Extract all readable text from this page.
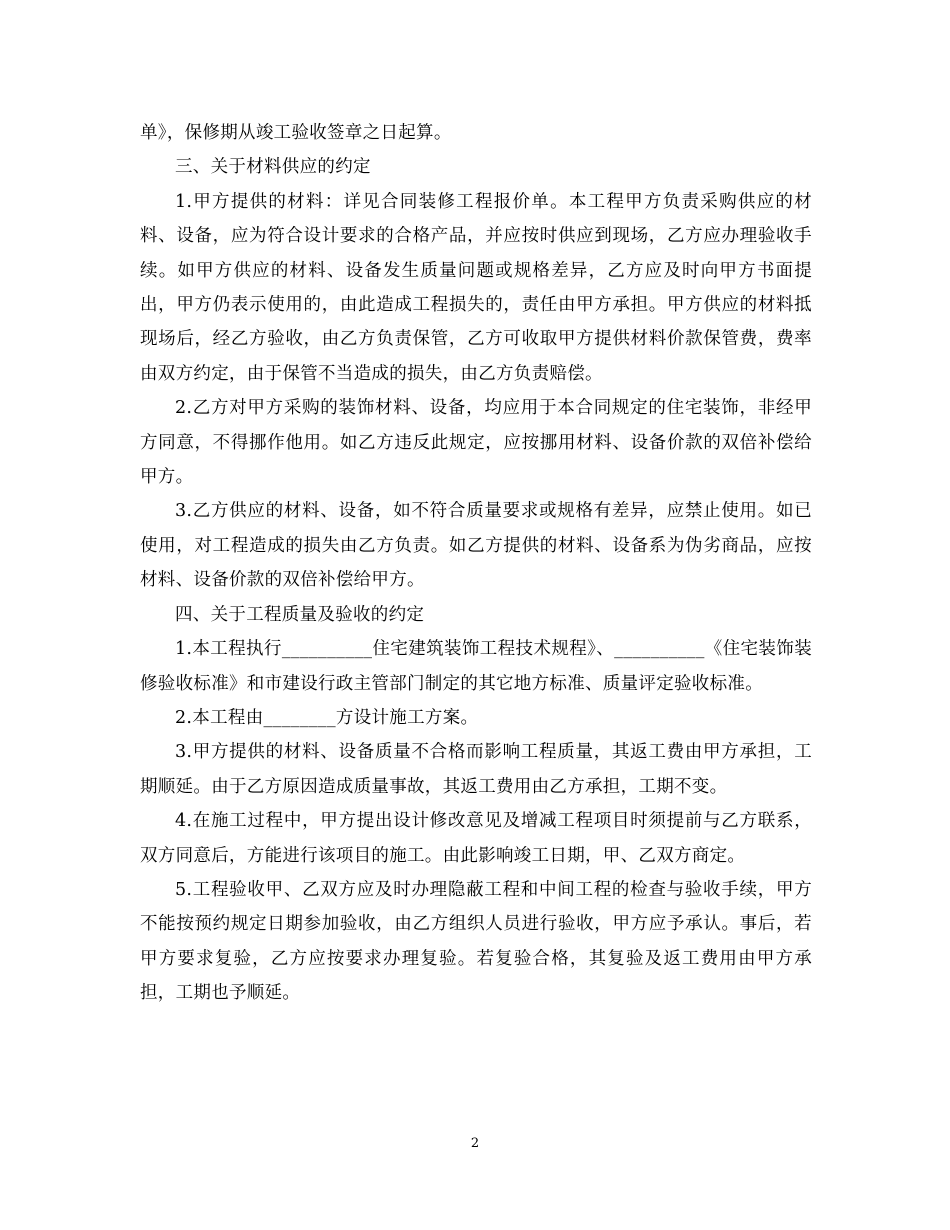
单》，保修期从竣工验收签章之日起算。

三、关于材料供应的约定

1.甲方提供的材料：详见合同装修工程报价单。本工程甲方负责采购供应的材料、设备，应为符合设计要求的合格产品，并应按时供应到现场，乙方应办理验收手续。如甲方供应的材料、设备发生质量问题或规格差异，乙方应及时向甲方书面提出，甲方仍表示使用的，由此造成工程损失的，责任由甲方承担。甲方供应的材料抵现场后，经乙方验收，由乙方负责保管，乙方可收取甲方提供材料价款保管费，费率由双方约定，由于保管不当造成的损失，由乙方负责赔偿。

2.乙方对甲方采购的装饰材料、设备，均应用于本合同规定的住宅装饰，非经甲方同意，不得挪作他用。如乙方违反此规定，应按挪用材料、设备价款的双倍补偿给甲方。

3.乙方供应的材料、设备，如不符合质量要求或规格有差异，应禁止使用。如已使用，对工程造成的损失由乙方负责。如乙方提供的材料、设备系为伪劣商品，应按材料、设备价款的双倍补偿给甲方。

四、关于工程质量及验收的约定

1.本工程执行__________住宅建筑装饰工程技术规程》、__________《住宅装饰装修验收标准》和市建设行政主管部门制定的其它地方标准、质量评定验收标准。

2.本工程由________方设计施工方案。

3.甲方提供的材料、设备质量不合格而影响工程质量，其返工费由甲方承担，工期顺延。由于乙方原因造成质量事故，其返工费用由乙方承担，工期不变。

4.在施工过程中，甲方提出设计修改意见及增减工程项目时须提前与乙方联系，双方同意后，方能进行该项目的施工。由此影响竣工日期，甲、乙双方商定。

5.工程验收甲、乙双方应及时办理隐蔽工程和中间工程的检查与验收手续，甲方不能按预约规定日期参加验收，由乙方组织人员进行验收，甲方应予承认。事后，若甲方要求复验，乙方应按要求办理复验。若复验合格，其复验及返工费用由甲方承担，工期也予顺延。

2
